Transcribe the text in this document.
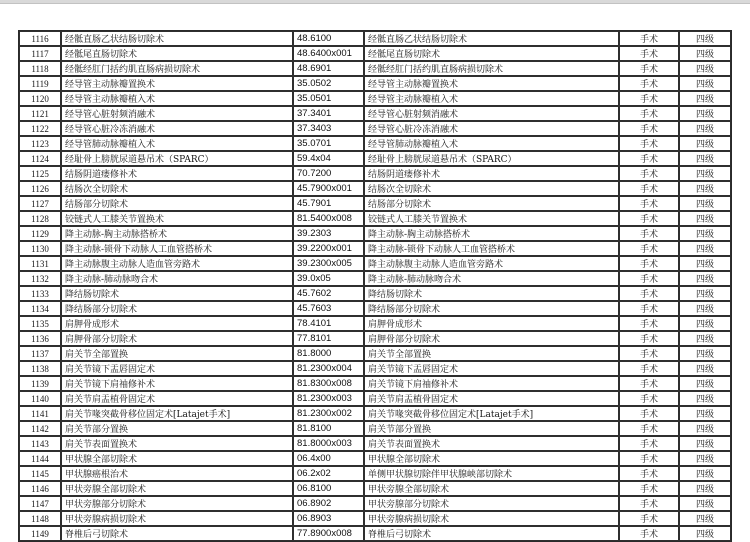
1116	经骶直肠乙状结肠切除术	48.6100	经骶直肠乙状结肠切除术	手术	四级
1117	经骶尾直肠切除术	48.6400x001	经骶尾直肠切除术	手术	四级
1118	经骶经肛门括约肌直肠病损切除术	48.6901	经骶经肛门括约肌直肠病损切除术	手术	四级
1119	经导管主动脉瓣置换术	35.0502	经导管主动脉瓣置换术	手术	四级
1120	经导管主动脉瓣植入术	35.0501	经导管主动脉瓣植入术	手术	四级
1121	经导管心脏射频消融术	37.3401	经导管心脏射频消融术	手术	四级
1122	经导管心脏冷冻消融术	37.3403	经导管心脏冷冻消融术	手术	四级
1123	经导管肺动脉瓣植入术	35.0701	经导管肺动脉瓣植入术	手术	四级
1124	经耻骨上膀胱尿道悬吊术（SPARC）	59.4x04	经耻骨上膀胱尿道悬吊术（SPARC）	手术	四级
1125	结肠阴道瘘修补术	70.7200	结肠阴道瘘修补术	手术	四级
1126	结肠次全切除术	45.7900x001	结肠次全切除术	手术	四级
1127	结肠部分切除术	45.7901	结肠部分切除术	手术	四级
1128	铰链式人工膝关节置换术	81.5400x008	铰链式人工膝关节置换术	手术	四级
1129	降主动脉-胸主动脉搭桥术	39.2303	降主动脉-胸主动脉搭桥术	手术	四级
1130	降主动脉-锁骨下动脉人工血管搭桥术	39.2200x001	降主动脉-锁骨下动脉人工血管搭桥术	手术	四级
1131	降主动脉腹主动脉人造血管旁路术	39.2300x005	降主动脉腹主动脉人造血管旁路术	手术	四级
1132	降主动脉-肺动脉吻合术	39.0x05	降主动脉-肺动脉吻合术	手术	四级
1133	降结肠切除术	45.7602	降结肠切除术	手术	四级
1134	降结肠部分切除术	45.7603	降结肠部分切除术	手术	四级
1135	肩胛骨成形术	78.4101	肩胛骨成形术	手术	四级
1136	肩胛骨部分切除术	77.8101	肩胛骨部分切除术	手术	四级
1137	肩关节全部置换	81.8000	肩关节全部置换	手术	四级
1138	肩关节镜下盂唇固定术	81.2300x004	肩关节镜下盂唇固定术	手术	四级
1139	肩关节镜下肩袖修补术	81.8300x008	肩关节镜下肩袖修补术	手术	四级
1140	肩关节肩盂植骨固定术	81.2300x003	肩关节肩盂植骨固定术	手术	四级
1141	肩关节喙突截骨移位固定术[Latajet手术]	81.2300x002	肩关节喙突截骨移位固定术[Latajet手术]	手术	四级
1142	肩关节部分置换	81.8100	肩关节部分置换	手术	四级
1143	肩关节表面置换术	81.8000x003	肩关节表面置换术	手术	四级
1144	甲状腺全部切除术	06.4x00	甲状腺全部切除术	手术	四级
1145	甲状腺癌根治术	06.2x02	单侧甲状腺切除伴甲状腺峡部切除术	手术	四级
1146	甲状旁腺全部切除术	06.8100	甲状旁腺全部切除术	手术	四级
1147	甲状旁腺部分切除术	06.8902	甲状旁腺部分切除术	手术	四级
1148	甲状旁腺病损切除术	06.8903	甲状旁腺病损切除术	手术	四级
1149	脊椎后弓切除术	77.8900x008	脊椎后弓切除术	手术	四级
